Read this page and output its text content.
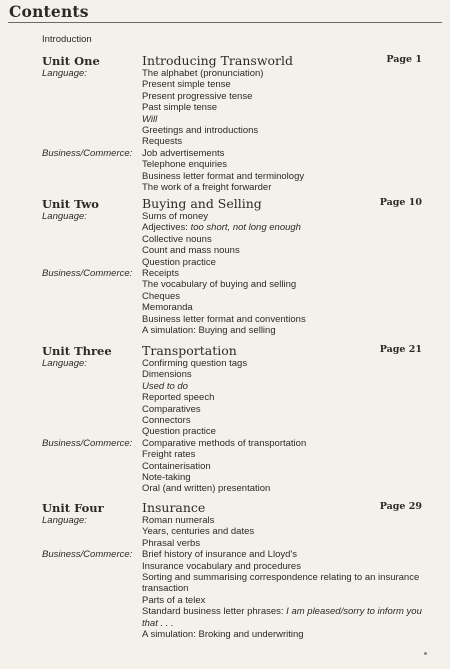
Contents
Introduction
Unit One	Introducing Transworld	Page 1
Language:	The alphabet (pronunciation)
Present simple tense
Present progressive tense
Past simple tense
Will
Greetings and introductions
Requests
Business/Commerce: Job advertisements
Telephone enquiries
Business letter format and terminology
The work of a freight forwarder
Unit Two	Buying and Selling	Page 10
Language:	Sums of money
Adjectives: too short, not long enough
Collective nouns
Count and mass nouns
Question practice
Business/Commerce: Receipts
The vocabulary of buying and selling
Cheques
Memoranda
Business letter format and conventions
A simulation: Buying and selling
Unit Three Transportation	Page 21
Language:	Confirming question tags
Dimensions
Used to do
Reported speech
Comparatives
Connectors
Question practice
Business/Commerce: Comparative methods of transportation
Freight rates
Containerisation
Note-taking
Oral (and written) presentation
Unit Four	Insurance	Page 29
Language:	Roman numerals
Years, centuries and dates
Phrasal verbs
Business/Commerce: Brief history of insurance and Lloyd's
Insurance vocabulary and procedures
Sorting and summarising correspondence relating to an insurance transaction
Parts of a telex
Standard business letter phrases: I am pleased/sorry to inform you that . . .
A simulation: Broking and underwriting
